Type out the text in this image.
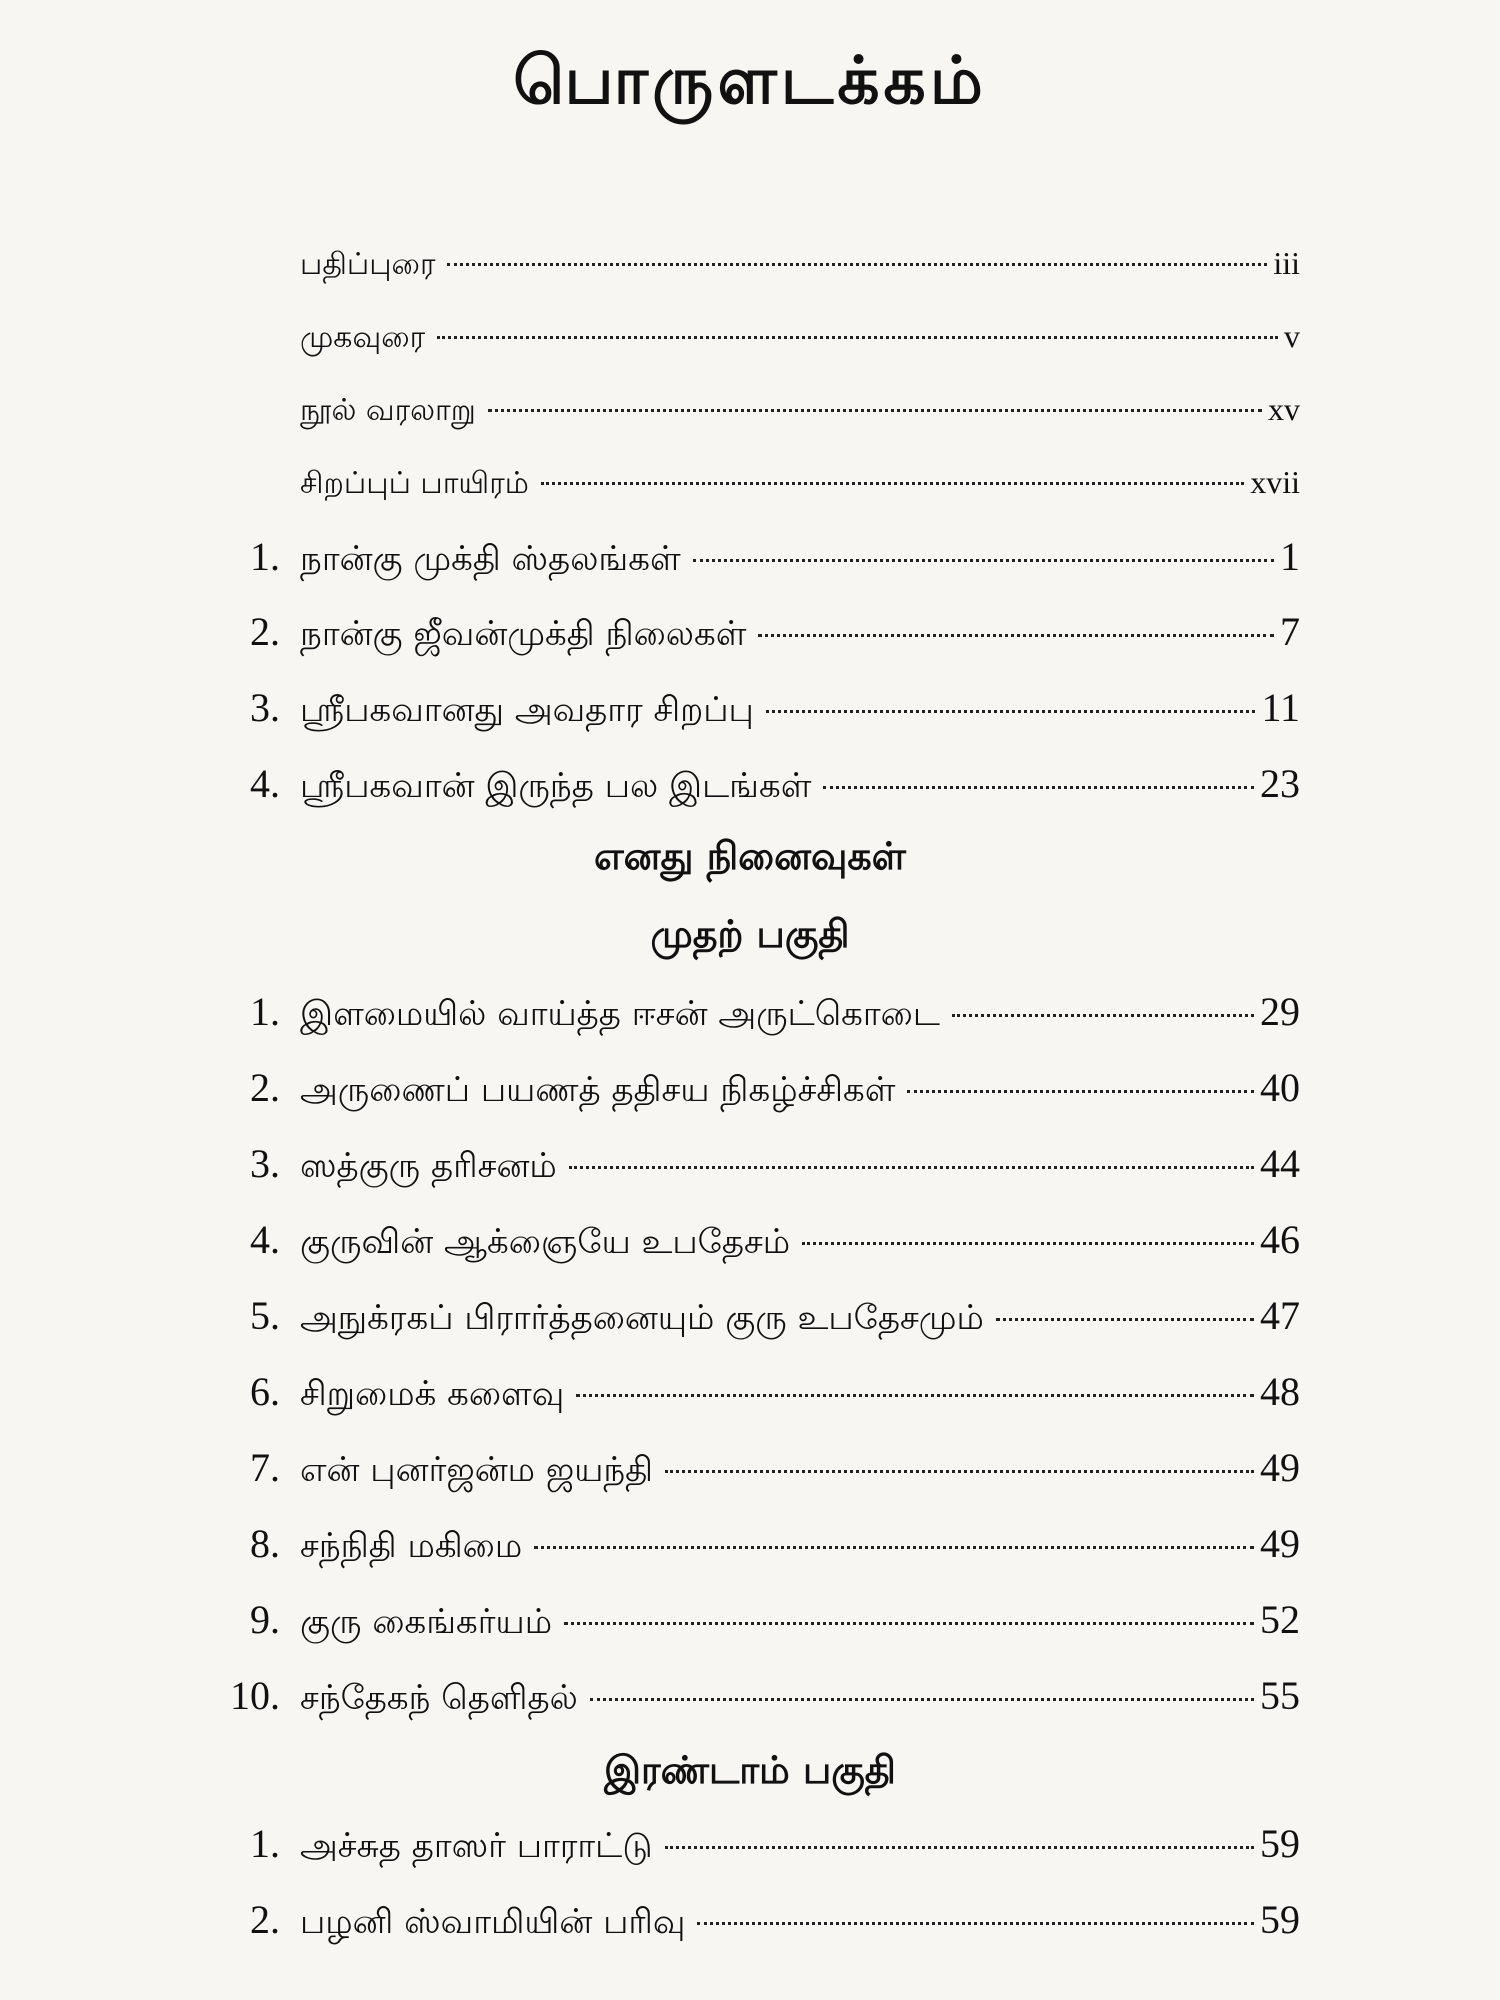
பொருளடக்கம்
பதிப்புரை	iii
முகவுரை	v
நூல் வரலாறு	xv
சிறப்புப் பாயிரம்	xvii
1. நான்கு முக்தி ஸ்தலங்கள்	1
2. நான்கு ஜீவன்முக்தி நிலைகள்	7
3. ஸ்ரீபகவானது அவதார சிறப்பு	11
4. ஸ்ரீபகவான் இருந்த பல இடங்கள்	23
எனது நினைவுகள்
முதற் பகுதி
1. இளமையில் வாய்த்த ஈசன் அருட்கொடை	29
2. அருணைப் பயணத் ததிசய நிகழ்ச்சிகள்	40
3. ஸத்குரு தரிசனம்	44
4. குருவின் ஆக்ஞையே உபதேசம்	46
5. அநுக்ரகப் பிரார்த்தனையும் குரு உபதேசமும்	47
6. சிறுமைக் களைவு	48
7. என் புனர்ஜன்ம ஜயந்தி	49
8. சந்நிதி மகிமை	49
9. குரு கைங்கர்யம்	52
10. சந்தேகந் தெளிதல்	55
இரண்டாம் பகுதி
1. அச்சுத தாஸர் பாராட்டு	59
2. பழனி ஸ்வாமியின் பரிவு	59
